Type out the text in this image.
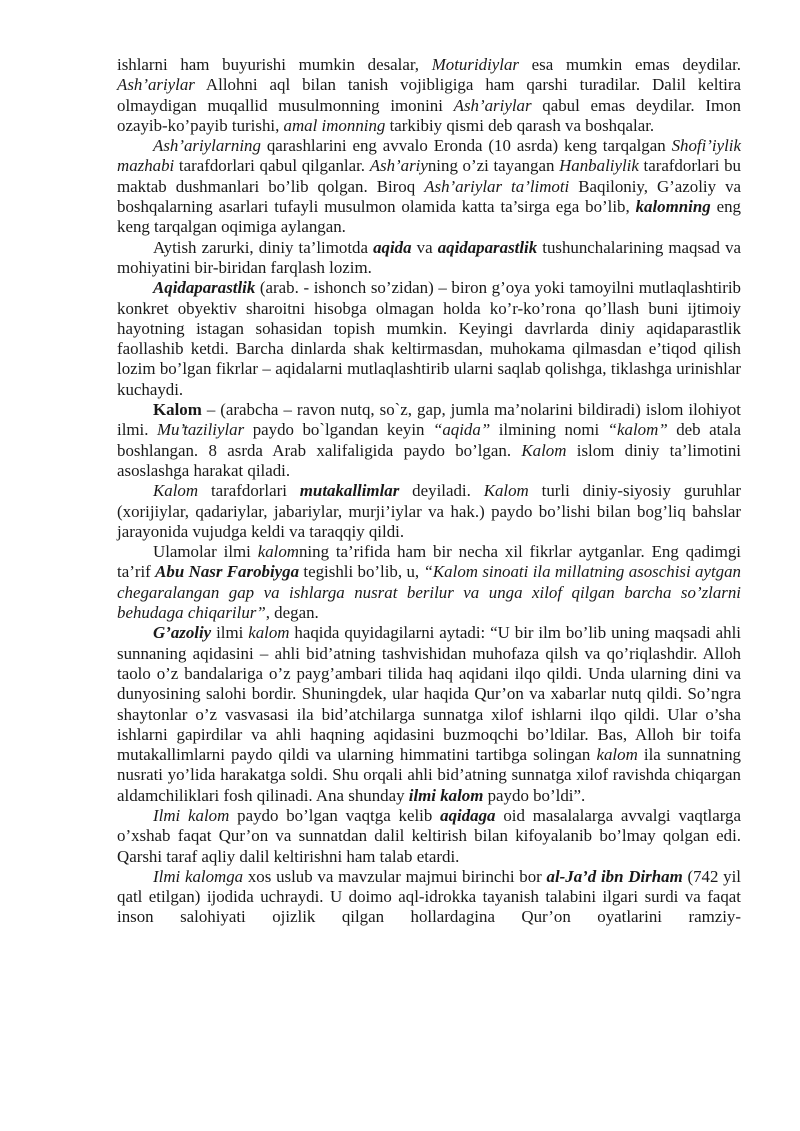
ishlarni ham buyurishi mumkin desalar, Moturidiylar esa mumkin emas deydilar. Ash’ariylar Allohni aql bilan tanish vojibligiga ham qarshi turadilar. Dalil keltira olmaydigan muqallid musulmonning imonini Ash’ariylar qabul emas deydilar. Imon ozayib-ko’payib turishi, amal imonning tarkibiy qismi deb qarash va boshqalar.

Ash’ariylarning qarashlarini eng avvalo Eronda (10 asrda) keng tarqalgan Shofi’iylik mazhabi tarafdorlari qabul qilganlar. Ash’ariyning o’zi tayangan Hanbaliylik tarafdorlari bu maktab dushmanlari bo’lib qolgan. Biroq Ash’ariylar ta’limoti Baqiloniy, G’azoliy va boshqalarning asarlari tufayli musulmon olamida katta ta’sirga ega bo’lib, kalomning eng keng tarqalgan oqimiga aylangan.

Aytish zarurki, diniy ta’limotda aqida va aqidaparastlik tushunchalarining maqsad va mohiyatini bir-biridan farqlash lozim.

Aqidaparastlik (arab. - ishonch so’zidan) – biron g’oya yoki tamoyilni mutlaqlashtirib konkret obyektiv sharoitni hisobga olmagan holda ko’r-ko’rona qo’llash buni ijtimoiy hayotning istagan sohasidan topish mumkin. Keyingi davrlarda diniy aqidaparastlik faollashib ketdi. Barcha dinlarda shak keltirmasdan, muhokama qilmasdan e’tiqod qilish lozim bo’lgan fikrlar – aqidalarni mutlaqlashtirib ularni saqlab qolishga, tiklashga urinishlar kuchaydi.

Kalom – (arabcha – ravon nutq, so`z, gap, jumla ma’nolarini bildiradi) islom ilohiyot ilmi. Mu’taziliylar paydo bo`lgandan keyin “aqida” ilmining nomi “kalom” deb atala boshlangan. 8 asrda Arab xalifaligida paydo bo’lgan. Kalom islom diniy ta’limotini asoslashga harakat qiladi.

Kalom tarafdorlari mutakallimlar deyiladi. Kalom turli diniy-siyosiy guruhlar (xorijiylar, qadariylar, jabariylar, murji’iylar va hak.) paydo bo’lishi bilan bog’liq bahslar jarayonida vujudga keldi va taraqqiy qildi.

Ulamolar ilmi kalomning ta’rifida ham bir necha xil fikrlar aytganlar. Eng qadimgi ta’rif Abu Nasr Farobiyga tegishli bo’lib, u, “Kalom sinoati ila millatning asoschisi aytgan chegaralangan gap va ishlarga nusrat berilur va unga xilof qilgan barcha so’zlarni behudaga chiqarilur”, degan.

G’azoliy ilmi kalom haqida quyidagilarni aytadi: “U bir ilm bo’lib uning maqsadi ahli sunnaning aqidasini – ahli bid’atning tashvishidan muhofaza qilsh va qo’riqlashdir. Alloh taolo o’z bandalariga o’z payg’ambari tilida haq aqidani ilqo qildi. Unda ularning dini va dunyosining salohi bordir. Shuningdek, ular haqida Qur’on va xabarlar nutq qildi. So’ngra shaytonlar o’z vasvasasi ila bid’atchilarga sunnatga xilof ishlarni ilqo qildi. Ular o’sha ishlarni gapirdilar va ahli haqning aqidasini buzmoqchi bo’ldilar. Bas, Alloh bir toifa mutakallimlarni paydo qildi va ularning himmatini tartibga solingan kalom ila sunnatning nusrati yo’lida harakatga soldi. Shu orqali ahli bid’atning sunnatga xilof ravishda chiqargan aldamchiliklari fosh qilinadi. Ana shunday ilmi kalom paydo bo’ldi”.

Ilmi kalom paydo bo’lgan vaqtga kelib aqidaga oid masalalarga avvalgi vaqtlarga o’xshab faqat Qur’on va sunnatdan dalil keltirish bilan kifoyalanib bo’lmay qolgan edi. Qarshi taraf aqliy dalil keltirishni ham talab etardi.

Ilmi kalomga xos uslub va mavzular majmui birinchi bor al-Ja’d ibn Dirham (742 yil qatl etilgan) ijodida uchraydi. U doimo aql-idrokka tayanish talabini ilgari surdi va faqat inson salohiyati ojizlik qilgan hollardagina Qur’on oyatlarini ramziy-
